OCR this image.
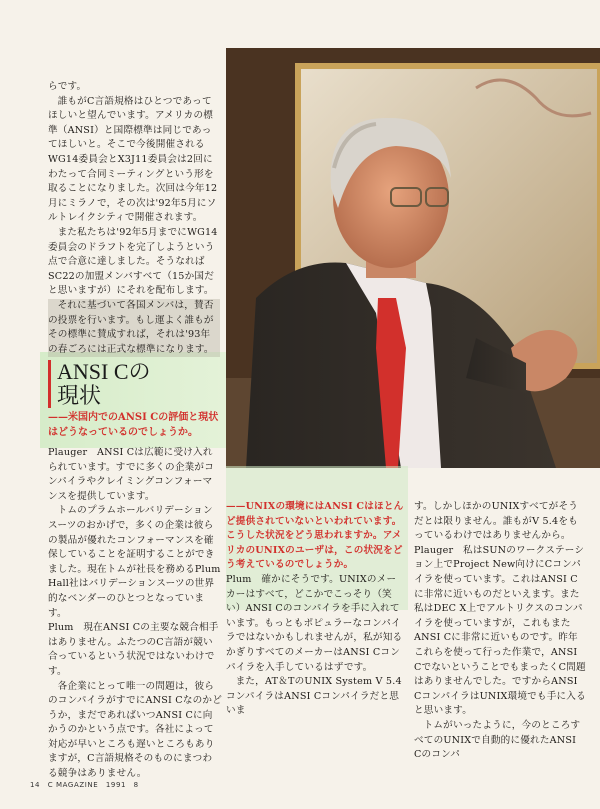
らです。

誰もがC言語規格はひとつであってほしいと望んでいます。アメリカの標準（ANSI）と国際標準は同じであってほしいと。そこで今後開催されるWG14委員会とX3J11委員会は2回にわたって合同ミーティングという形を取ることになりました。次回は今年12月にミラノで，その次は'92年5月にソルトレイクシティで開催されます。

また私たちは'92年5月までにWG14委員会のドラフトを完了しようという点で合意に達しました。そうなれば SC22の加盟メンバすべて（15か国だと思いますが）にそれを配布します。

それに基づいて各国メンバは，賛否の投票を行います。もし運よく誰もがその標準に賛成すれば，それは'93年の春ごろには正式な標準になります。

ANSI Cの
現状
——米国内でのANSI Cの評価と現状はどうなっているのでしょうか。

Plauger　ANSI Cは広範に受け入れられています。すでに多くの企業がコンパイラやクレイミングコンフォーマンスを提供しています。

トムのプラムホールバリデーションスーツのおかげで，多くの企業は彼らの製品が優れたコンフォーマンスを確保していることを証明することができました。現在トムが社長を務めるPlum Hall社はバリデーションスーツの世界的なベンダーのひとつとなっています。

Plum　現在ANSI Cの主要な競合相手はありません。ふたつのC言語が競い合っているという状況ではないわけです。

各企業にとって唯一の問題は，彼らのコンパイラがすでにANSI Cなのかどうか，まだであればいつANSI Cに向かうのかという点です。各社によって対応が早いところも遅いところもありますが，C言語規格そのものにまつわる競争はありません。

——UNIXの環境にはANSI Cはほとんど提供されていないといわれています。こうした状況をどう思われますか。アメリカのUNIXのユーザは，この状況をどう考えているのでしょうか。

Plum　確かにそうです。UNIXのメーカーはすべて，どこかでこっそり（笑い）ANSI Cのコンパイラを手に入れています。もっともポピュラーなコンパイラではないかもしれませんが，私が知るかぎりすべてのメーカーはANSI Cコンパイラを入手しているはずです。

また，AT＆TのUNIX System V 5.4コンパイラはANSI Cコンパイラだと思いま

す。しかしほかのUNIXすべてがそうだとは限りません。誰もがV 5.4をもっているわけではありませんから。

Plauger　私はSUNのワークステーション上でProject New向けにCコンパイラを使っています。これはANSI Cに非常に近いものだといえます。また私はDEC X上でアルトリクスのコンパイラを使っていますが，これもまたANSI Cに非常に近いものです。昨年これらを使って行った作業で，ANSI CでないということでもまったくC問題はありませんでした。ですからANSI CコンパイラはUNIX環境でも手に入ると思います。

トムがいったように，今のところすべてのUNIXで自動的に優れたANSI Cのコンパ

14　C MAGAZINE　1991　8
